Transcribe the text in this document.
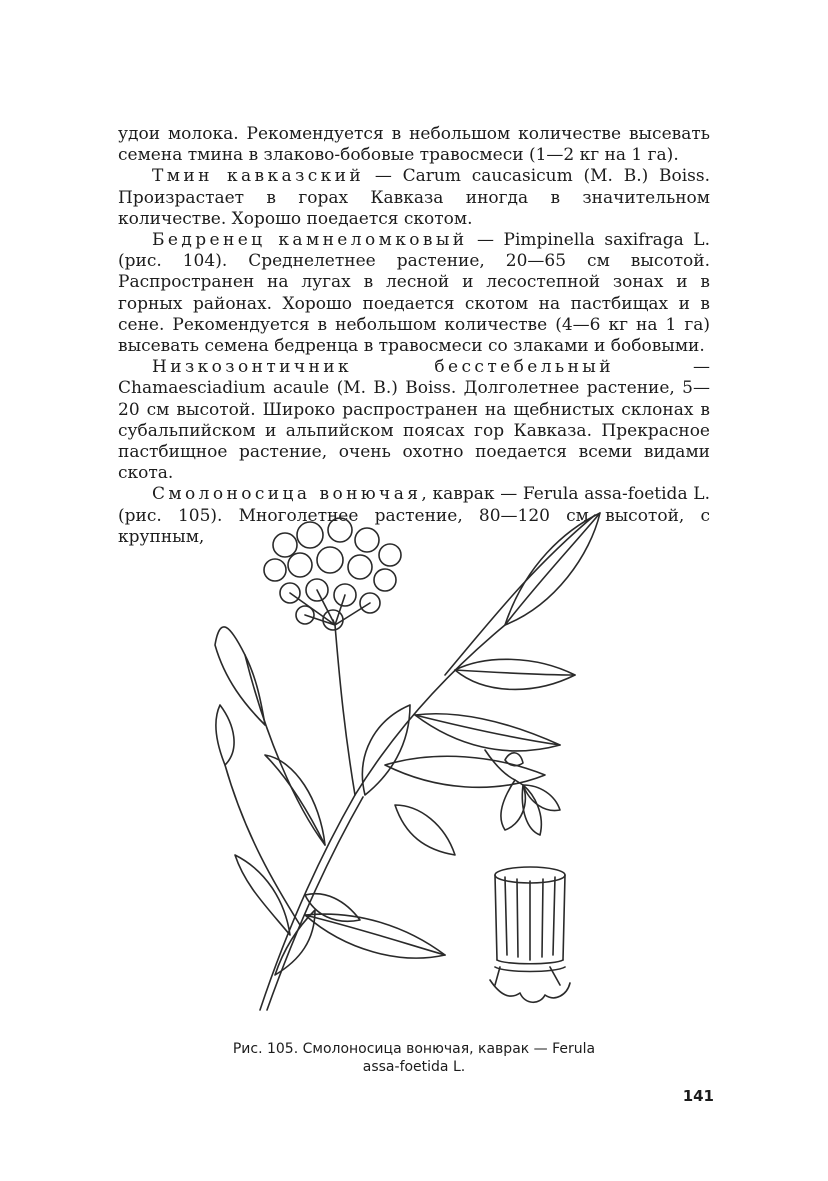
удои молока. Рекомендуется в небольшом количестве высевать семена тмина в злаково-бобовые травосмеси (1—2 кг на 1 га).

Тмин кавказский — Carum caucasicum (M. B.) Boiss. Произрастает в горах Кавказа иногда в значительном количестве. Хорошо поедается скотом.

Бедренец камнеломковый — Pimpinella saxifraga L. (рис. 104). Среднелетнее растение, 20—65 см высотой. Распространен на лугах в лесной и лесостепной зонах и в горных районах. Хорошо поедается скотом на пастбищах и в сене. Рекомендуется в небольшом количестве (4—6 кг на 1 га) высевать семена бедренца в травосмеси со злаками и бобовыми.

Низкозонтичник бесстебельный — Chamaesciadium acaule (M. B.) Boiss. Долголетнее растение, 5—20 см высотой. Широко распространен на щебнистых склонах в субальпийском и альпийском поясах гор Кавказа. Прекрасное пастбищное растение, очень охотно поедается всеми видами скота.

Смолоносица вонючая, каврак — Ferula assa-foetida L. (рис. 105). Многолетнее растение, 80—120 см высотой, с крупным,

Рис. 105. Смолоносица вонючая, каврак — Ferula
assa-foetida L.
141
